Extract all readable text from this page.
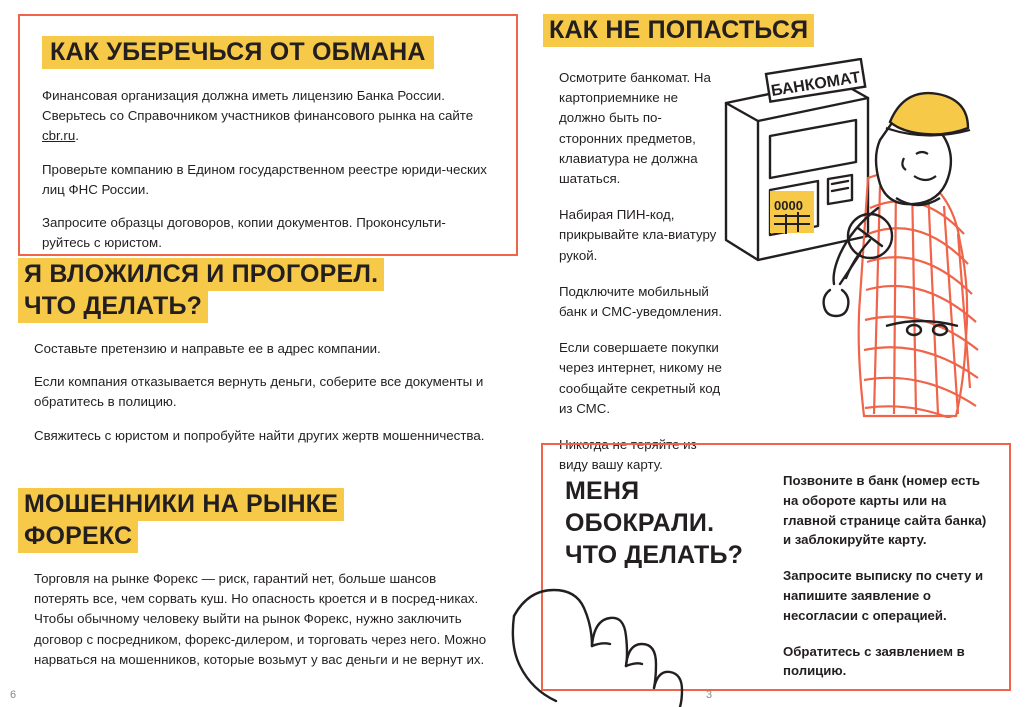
КАК УБЕРЕЧЬСЯ ОТ ОБМАНА

Финансовая организация должна иметь лицензию Банка России. Сверьтесь со Справочником участников финансового рынка на сайте cbr.ru.

Проверьте компанию в Едином государственном реестре юриди-ческих лиц ФНС России.

Запросите образцы договоров, копии документов. Проконсульти-руйтесь с юристом.

Я ВЛОЖИЛСЯ И ПРОГОРЕЛ.
ЧТО ДЕЛАТЬ?

Составьте претензию и направьте ее в адрес компании.

Если компания отказывается вернуть деньги, соберите все документы и обратитесь в полицию.

Свяжитесь с юристом и попробуйте найти других жертв мошенничества.

МОШЕННИКИ НА РЫНКЕ
ФОРЕКС

Торговля на рынке Форекс — риск, гарантий нет, больше шансов потерять все, чем сорвать куш. Но опасность кроется и в посред-никах. Чтобы обычному человеку выйти на рынок Форекс, нужно заключить договор с посредником, форекс-дилером, и торговать через него. Можно нарваться на мошенников, которые возьмут у вас деньги и не вернут их.

КАК НЕ ПОПАСТЬСЯ

Осмотрите банкомат. На картоприемнике не должно быть по-сторонних предметов, клавиатура не должна шататься.

Набирая ПИН-код, прикрывайте кла-виатуру рукой.

Подключите мобильный банк и СМС-уведомления.

Если совершаете покупки через интернет, никому не сообщайте секретный код из СМС.

Никогда не теряйте из виду вашу карту.

БАНКОМАТ
0000
МЕНЯ
ОБОКРАЛИ.
ЧТО ДЕЛАТЬ?

Позвоните в банк (номер есть на обороте карты или на главной странице сайта банка) и заблокируйте карту.

Запросите выписку по счету и напишите заявление о несогласии с операцией.

Обратитесь с заявлением в полицию.

6	3
